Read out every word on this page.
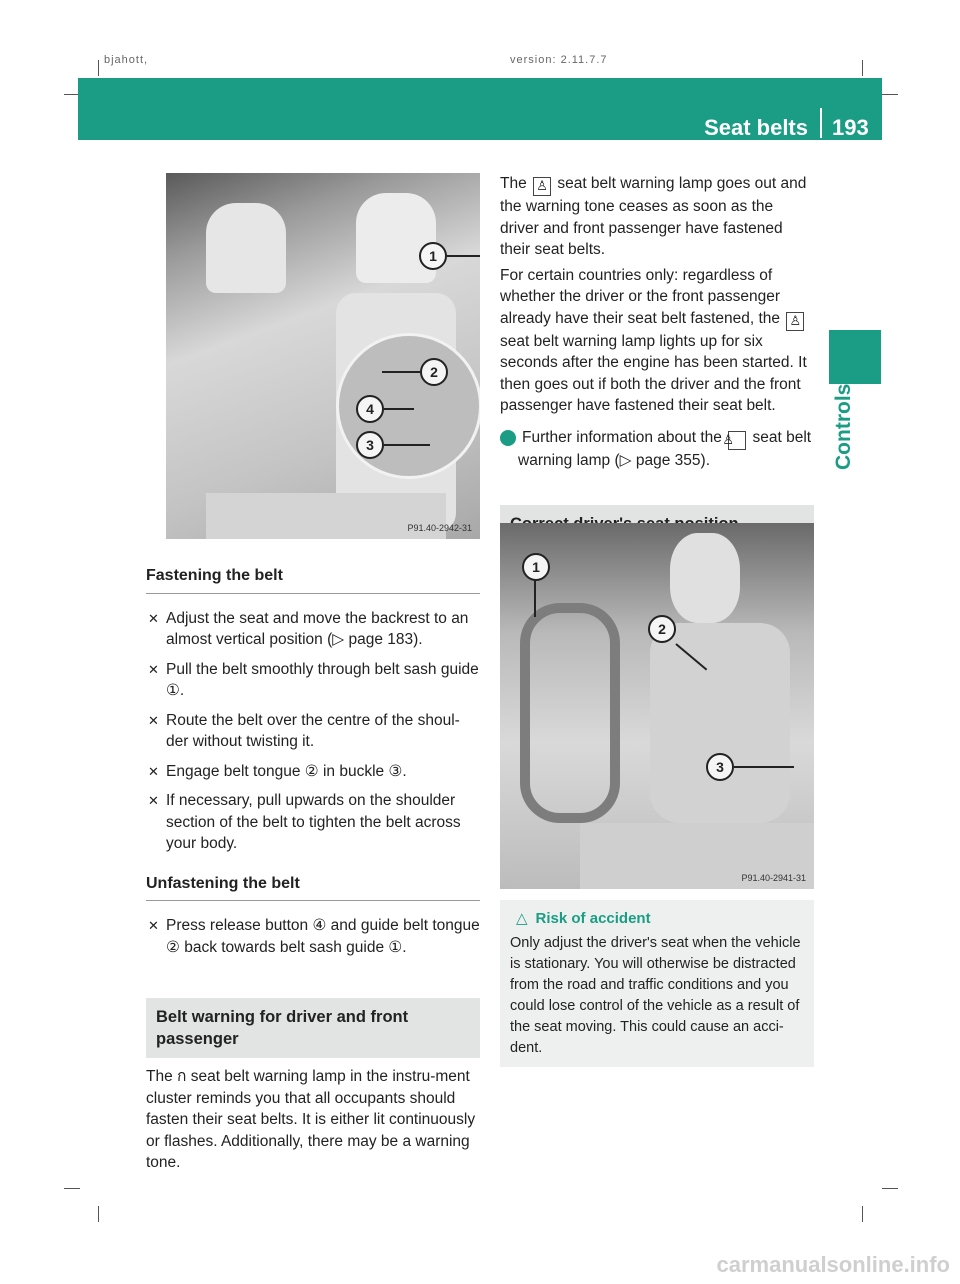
bjahott,	version: 2.11.7.7
Seat belts 193
Controls
1
2
4
3
P91.40-2942-31
Fastening the belt
✕ Adjust the seat and move the backrest to an almost vertical position (▷ page 183).
✕ Pull the belt smoothly through belt sash guide ①.
✕ Route the belt over the centre of the shoul-der without twisting it.
✕ Engage belt tongue ② in buckle ③.
✕ If necessary, pull upwards on the shoulder section of the belt to tighten the belt across your body.
Unfastening the belt
✕ Press release button ④ and guide belt tongue ② back towards belt sash guide ①.
Belt warning for driver and front passenger
The ก seat belt warning lamp in the instru-ment cluster reminds you that all occupants should fasten their seat belts. It is either lit continuously or flashes. Additionally, there may be a warning tone.
The ♙ seat belt warning lamp goes out and the warning tone ceases as soon as the driver and front passenger have fastened their seat belts.
For certain countries only: regardless of whether the driver or the front passenger already have their seat belt fastened, the ♙ seat belt warning lamp lights up for six seconds after the engine has been started. It then goes out if both the driver and the front passenger have fastened their seat belt.
i Further information about the ♙ seat belt warning lamp (▷ page 355).
1
2
3
P91.40-2941-31
△ Risk of accident
Only adjust the driver's seat when the vehicle is stationary. You will otherwise be distracted from the road and traffic conditions and you could lose control of the vehicle as a result of the seat moving. This could cause an acci-dent.
carmanualsonline.info
